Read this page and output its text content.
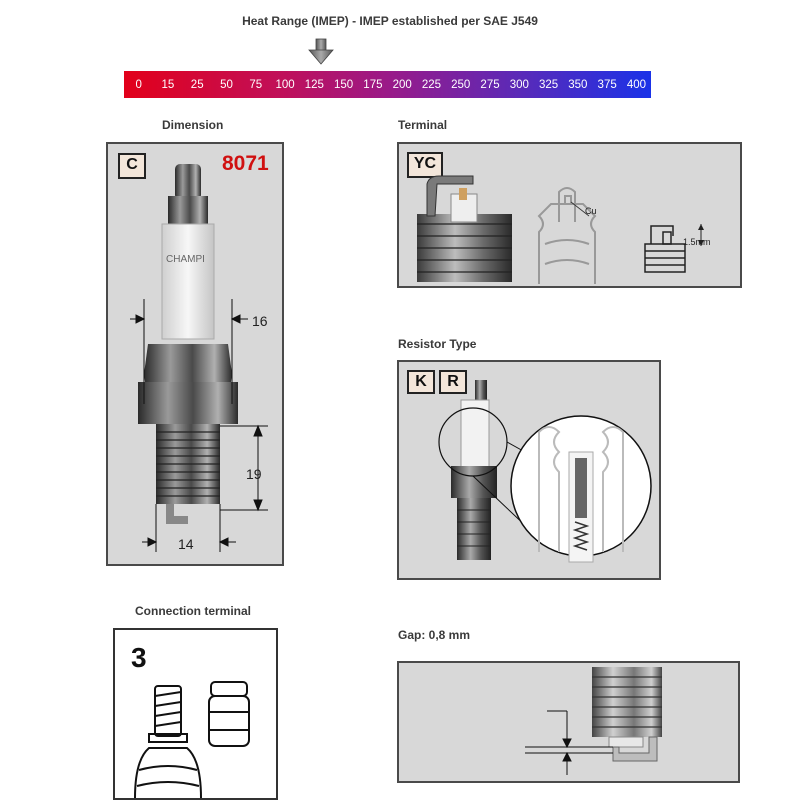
Heat Range (IMEP) - IMEP established per SAE J549
0	15	25	50	75	100 125 150 175 200 225 250 275 300 325 350 375 400
Dimension
C	8071
CHAMPI
16
19
14
Terminal
YC
Cu
1.5mm
Resistor Type
K	R
Connection terminal
3
Gap: 0,8 mm
